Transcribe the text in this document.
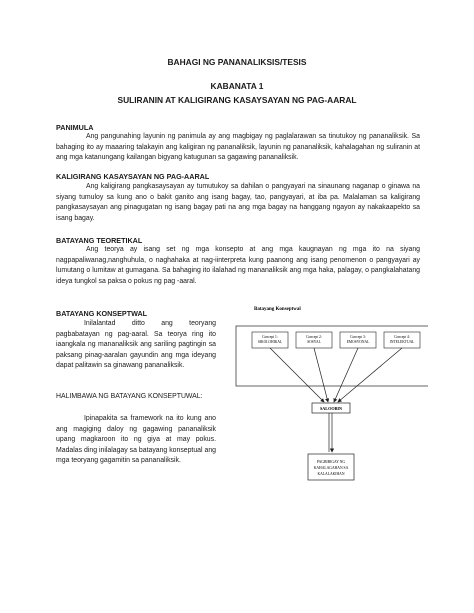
BAHAGI NG PANANALIKSIS/TESIS
KABANATA 1
SULIRANIN AT KALIGIRANG KASAYSAYAN NG PAG-AARAL
PANIMULA

Ang pangunahing layunin ng panimula ay ang magbigay ng paglalarawan sa tinutukoy ng pananaliksik. Sa bahaging ito ay maaaring talakayin ang kaligiran ng pananaliksik, layunin ng pananaliksik, kahalagahan ng suliranin at ang mga katanungang kailangan bigyang katugunan sa gagawing pananaliksik.

KALIGIRANG KASAYSAYAN NG PAG-AARAL

Ang kaligirang pangkasaysayan ay tumutukoy sa dahilan o pangyayari na sinaunang naganap o ginawa na siyang tumuloy sa kung ano o bakit ganito ang isang bagay, tao, pangyayari, at iba pa. Malalaman sa kaligirang pangkasaysayan ang pinagugatan ng isang bagay pati na ang mga bagay na hanggang ngayon ay nakakaapekto sa isang bagay.

BATAYANG TEORETIKAL

Ang teorya ay isang set ng mga konsepto at ang mga kaugnayan ng mga ito na siyang nagpapaliwanag,nanghuhula, o naghahaka at nag-iinterpreta kung paanong ang isang penomenon o pangyayari ay lumutang o lumitaw at gumagana. Sa bahaging ito ilalahad ng mananaliksik ang mga haka, palagay, o pangkalahatang ideya tungkol sa paksa o pokus ng pag -aaral.

BATAYANG KONSEPTWAL

Inilalantad ditto ang teoryang pagbabatayan ng pag-aaral. Sa teorya ring ito iaangkala ng mananaliksik ang sariling pagtingin sa paksang pinag-aaralan gayundin ang mga ideyang dapat palitawin sa ginawang pananaliksik.

HALIMBAWA NG BATAYANG KONSEPTUWAL:

Ipinapakita sa framework na ito kung ano ang magiging daloy ng gagawing pananaliksik upang magkaroon ito ng giya at may pokus. Madalas ding inilalagay sa batayang konseptual ang mga teoryang gagamitin sa pananaliksik.

Batayang Konseptwal
Concept 1:
SIKOLOHIKAL
Concept 2:
SOSYAL
Concept 3:
EMOSYONAL
Concept 4:
INTELEKTUAL
SALOOBIN
PAGBIBIGAY NG
KAHALAGAHAN SA
KALALAKIHAN
